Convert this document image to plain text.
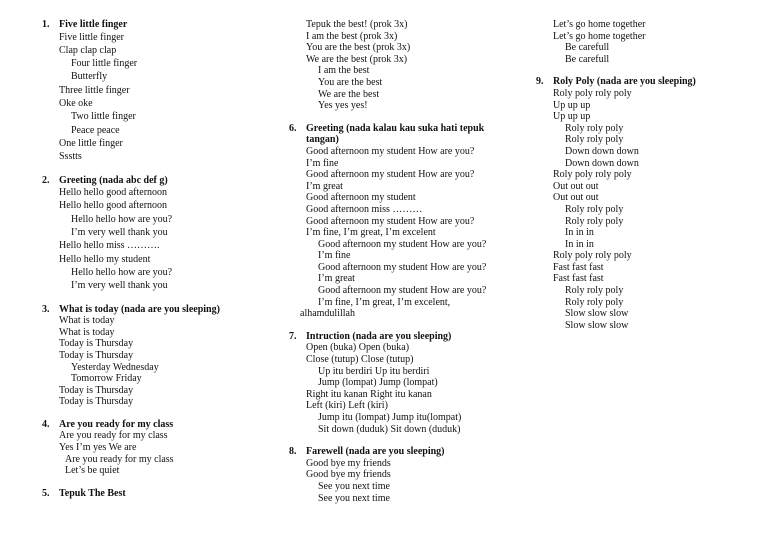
1. Five little finger
Five little finger
Clap clap clap
Four little finger
Butterfly
Three little finger
Oke oke
Two little finger
Peace peace
One little finger
Ssstts
2. Greeting (nada abc def g)
Hello hello good afternoon
Hello hello good afternoon
Hello hello how are you?
I’m very well thank you
Hello hello miss ……….
Hello hello my student
Hello hello how are you?
I’m very well thank you
3. What is today (nada are you sleeping)
What is today
What is today
Today is Thursday
Today is Thursday
Yesterday Wednesday
Tomorrow Friday
Today is Thursday
Today is Thursday
4. Are you ready for my class
Are you ready for my class
Yes I’m yes We are
Are you ready for my class
Let’s be quiet
5. Tepuk The Best
Tepuk the best! (prok 3x)
I am the best (prok 3x)
You are the best (prok 3x)
We are the best (prok 3x)
I am the best
You are the best
We are the best
Yes yes yes!
6. Greeting (nada kalau kau suka hati tepuk tangan)
Good afternoon my student How are you?
I’m fine
Good afternoon my student How are you?
I’m great
Good afternoon my student
Good afternoon miss ………
Good afternoon my student How are you?
I’m fine, I’m great, I’m excelent
Good afternoon my student How are you?
I’m fine
Good afternoon my student How are you?
I’m great
Good afternoon my student How are you?
I’m fine, I’m great, I’m excelent,
alhamdulillah
7. Intruction (nada are you sleeping)
Open (buka) Open (buka)
Close (tutup) Close (tutup)
Up itu berdiri Up itu berdiri
Jump (lompat) Jump (lompat)
Right itu kanan Right itu kanan
Left (kiri) Left (kiri)
Jump itu (lompat) Jump itu(lompat)
Sit down (duduk) Sit down (duduk)
8. Farewell (nada are you sleeping)
Good bye my friends
Good bye my friends
See you next time
See you next time
Let’s go home together
Let’s go home together
Be carefull
Be carefull
9. Roly Poly (nada are you sleeping)
Roly poly roly poly
Up up up
Up up up
Roly roly poly
Roly roly poly
Down down down
Down down down
Roly poly roly poly
Out out out
Out out out
Roly roly poly
Roly roly poly
In in in
In in in
Roly poly roly poly
Fast fast fast
Fast fast fast
Roly roly poly
Roly roly poly
Slow slow slow
Slow slow slow
